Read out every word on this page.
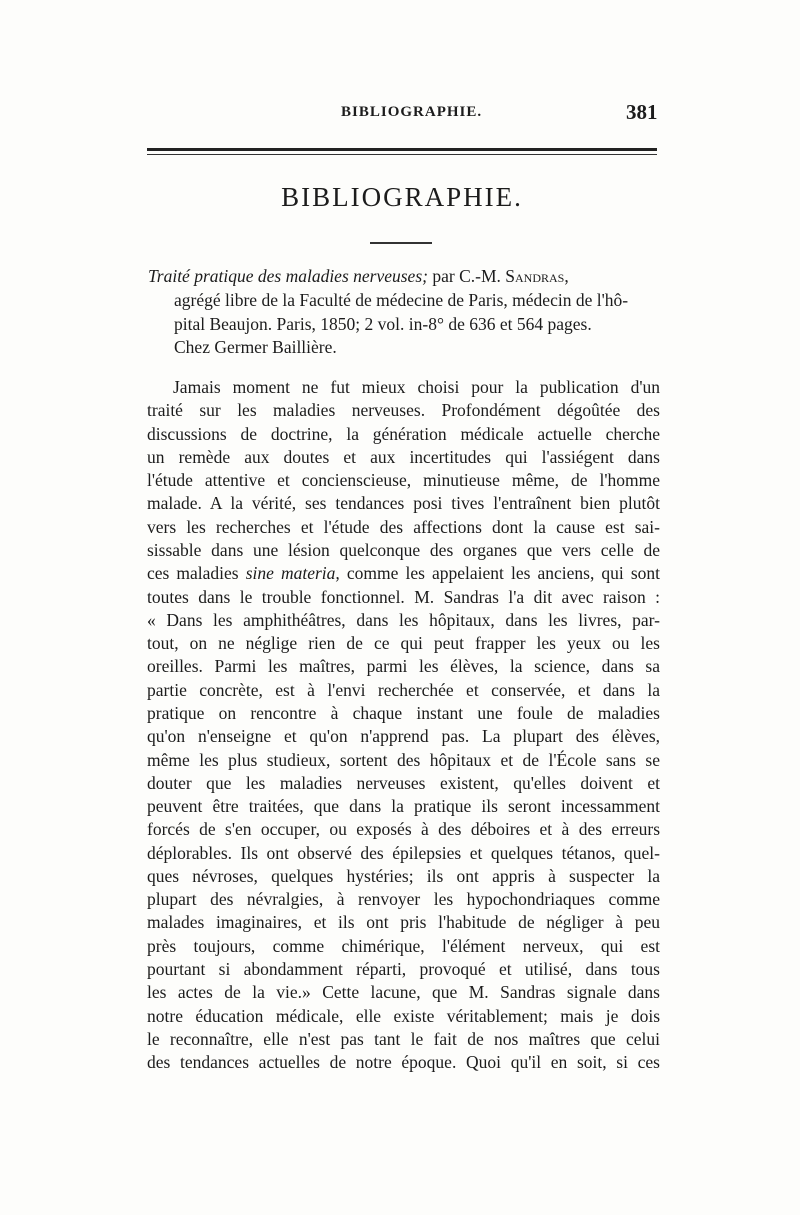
BIBLIOGRAPHIE.	381
BIBLIOGRAPHIE.
Traité pratique des maladies nerveuses; par C.-M. Sandras,
agrégé libre de la Faculté de médecine de Paris, médecin de l'hô-
pital Beaujon. Paris, 1850; 2 vol. in-8° de 636 et 564 pages.
Chez Germer Baillière.
Jamais moment ne fut mieux choisi pour la publication d'un
traité sur les maladies nerveuses. Profondément dégoûtée des
discussions de doctrine, la génération médicale actuelle cherche
un remède aux doutes et aux incertitudes qui l'assiégent dans
l'étude attentive et concienscieuse, minutieuse même, de l'homme
malade. A la vérité, ses tendances posi tives l'entraînent bien plutôt
vers les recherches et l'étude des affections dont la cause est sai-
sissable dans une lésion quelconque des organes que vers celle de
ces maladies sine materia, comme les appelaient les anciens, qui sont
toutes dans le trouble fonctionnel. M. Sandras l'a dit avec raison :
« Dans les amphithéâtres, dans les hôpitaux, dans les livres, par-
tout, on ne néglige rien de ce qui peut frapper les yeux ou les
oreilles. Parmi les maîtres, parmi les élèves, la science, dans sa
partie concrète, est à l'envi recherchée et conservée, et dans la
pratique on rencontre à chaque instant une foule de maladies
qu'on n'enseigne et qu'on n'apprend pas. La plupart des élèves,
même les plus studieux, sortent des hôpitaux et de l'École sans se
douter que les maladies nerveuses existent, qu'elles doivent et
peuvent être traitées, que dans la pratique ils seront incessamment
forcés de s'en occuper, ou exposés à des déboires et à des erreurs
déplorables. Ils ont observé des épilepsies et quelques tétanos, quel-
ques névroses, quelques hystéries; ils ont appris à suspecter la
plupart des névralgies, à renvoyer les hypochondriaques comme
malades imaginaires, et ils ont pris l'habitude de négliger à peu
près toujours, comme chimérique, l'élément nerveux, qui est
pourtant si abondamment réparti, provoqué et utilisé, dans tous
les actes de la vie.» Cette lacune, que M. Sandras signale dans
notre éducation médicale, elle existe véritablement; mais je dois
le reconnaître, elle n'est pas tant le fait de nos maîtres que celui
des tendances actuelles de notre époque. Quoi qu'il en soit, si ces
